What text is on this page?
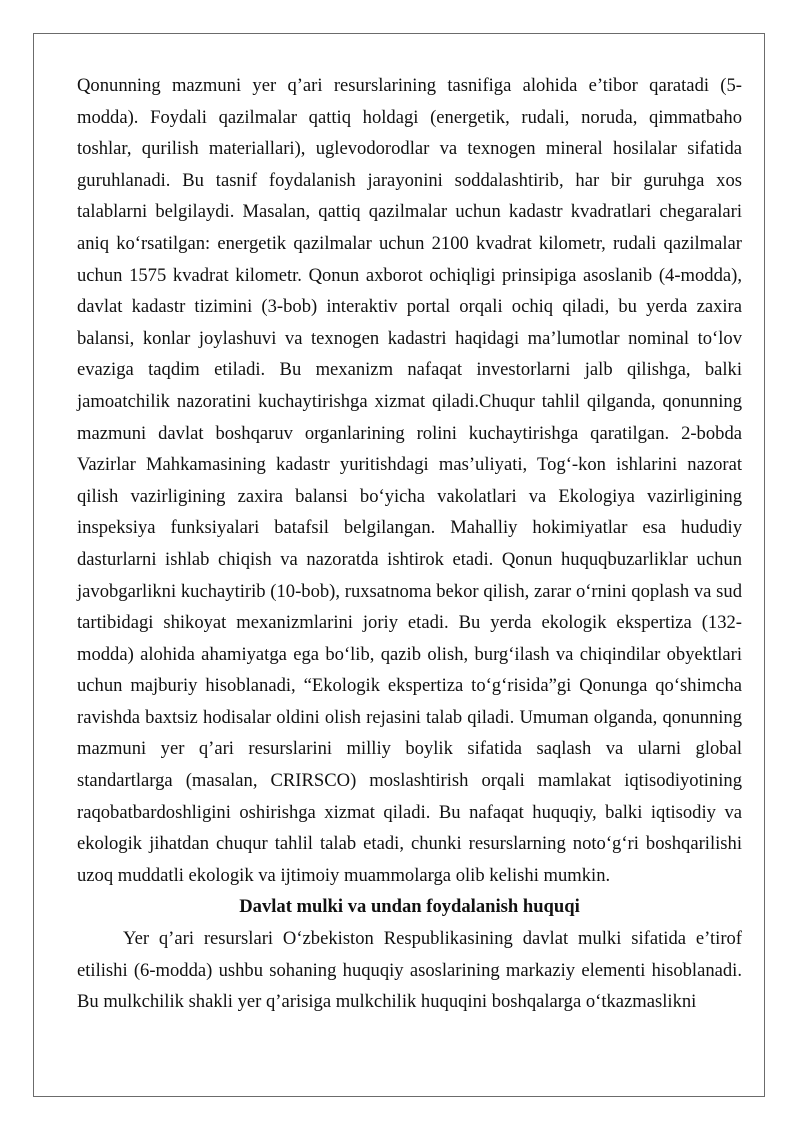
Qonunning mazmuni yer q’ari resurslarining tasnifiga alohida e’tibor qaratadi (5-modda). Foydali qazilmalar qattiq holdagi (energetik, rudali, noruda, qimmatbaho toshlar, qurilish materiallari), uglevodorodlar va texnogen mineral hosilalar sifatida guruhlanadi. Bu tasnif foydalanish jarayonini soddalashtirib, har bir guruhga xos talablarni belgilaydi. Masalan, qattiq qazilmalar uchun kadastr kvadratlari chegaralari aniq ko‘rsatilgan: energetik qazilmalar uchun 2100 kvadrat kilometr, rudali qazilmalar uchun 1575 kvadrat kilometr. Qonun axborot ochiqligi prinsipiga asoslanib (4-modda), davlat kadastr tizimini (3-bob) interaktiv portal orqali ochiq qiladi, bu yerda zaxira balansi, konlar joylashuvi va texnogen kadastri haqidagi ma’lumotlar nominal to‘lov evaziga taqdim etiladi. Bu mexanizm nafaqat investorlarni jalb qilishga, balki jamoatchilik nazoratini kuchaytirishga xizmat qiladi.Chuqur tahlil qilganda, qonunning mazmuni davlat boshqaruv organlarining rolini kuchaytirishga qaratilgan. 2-bobda Vazirlar Mahkamasining kadastr yuritishdagi mas’uliyati, Tog‘-kon ishlarini nazorat qilish vazirligining zaxira balansi bo‘yicha vakolatlari va Ekologiya vazirligining inspeksiya funksiyalari batafsil belgilangan. Mahalliy hokimiyatlar esa hududiy dasturlarni ishlab chiqish va nazoratda ishtirok etadi. Qonun huquqbuzarliklar uchun javobgarlikni kuchaytirib (10-bob), ruxsatnoma bekor qilish, zarar o‘rnini qoplash va sud tartibidagi shikoyat mexanizmlarini joriy etadi. Bu yerda ekologik ekspertiza (132-modda) alohida ahamiyatga ega bo‘lib, qazib olish, burg‘ilash va chiqindilar obyektlari uchun majburiy hisoblanadi, “Ekologik ekspertiza to‘g‘risida”gi Qonunga qo‘shimcha ravishda baxtsiz hodisalar oldini olish rejasini talab qiladi. Umuman olganda, qonunning mazmuni yer q’ari resurslarini milliy boylik sifatida saqlash va ularni global standartlarga (masalan, CRIRSCO) moslashtirish orqali mamlakat iqtisodiyotining raqobatbardoshligini oshirishga xizmat qiladi. Bu nafaqat huquqiy, balki iqtisodiy va ekologik jihatdan chuqur tahlil talab etadi, chunki resurslarning noto‘g‘ri boshqarilishi uzoq muddatli ekologik va ijtimoiy muammolarga olib kelishi mumkin.

Davlat mulki va undan foydalanish huquqi

Yer q’ari resurslari O‘zbekiston Respublikasining davlat mulki sifatida e’tirof etilishi (6-modda) ushbu sohaning huquqiy asoslarining markaziy elementi hisoblanadi. Bu mulkchilik shakli yer q’arisiga mulkchilik huquqini boshqalarga o‘tkazmaslikni
